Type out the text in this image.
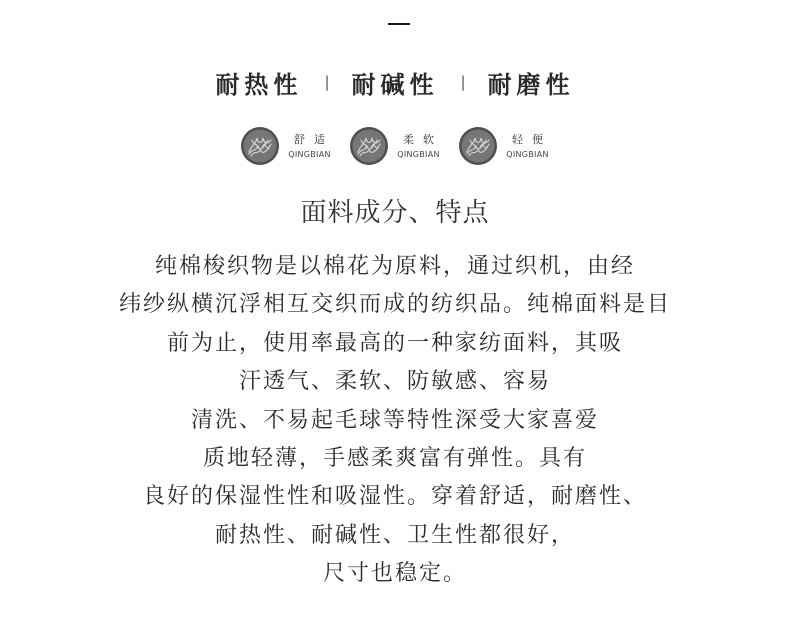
耐热性 | 耐碱性 | 耐磨性
舒适
QINGBIAN
柔软
QINGBIAN
轻便
QINGBIAN
面料成分、特点
纯棉梭织物是以棉花为原料，通过织机，由经
纬纱纵横沉浮相互交织而成的纺织品。纯棉面料是目
前为止，使用率最高的一种家纺面料，其吸
汗透气、柔软、防敏感、容易
清洗、不易起毛球等特性深受大家喜爱
质地轻薄，手感柔爽富有弹性。具有
良好的保湿性性和吸湿性。穿着舒适，耐磨性、
耐热性、耐碱性、卫生性都很好，
尺寸也稳定。
